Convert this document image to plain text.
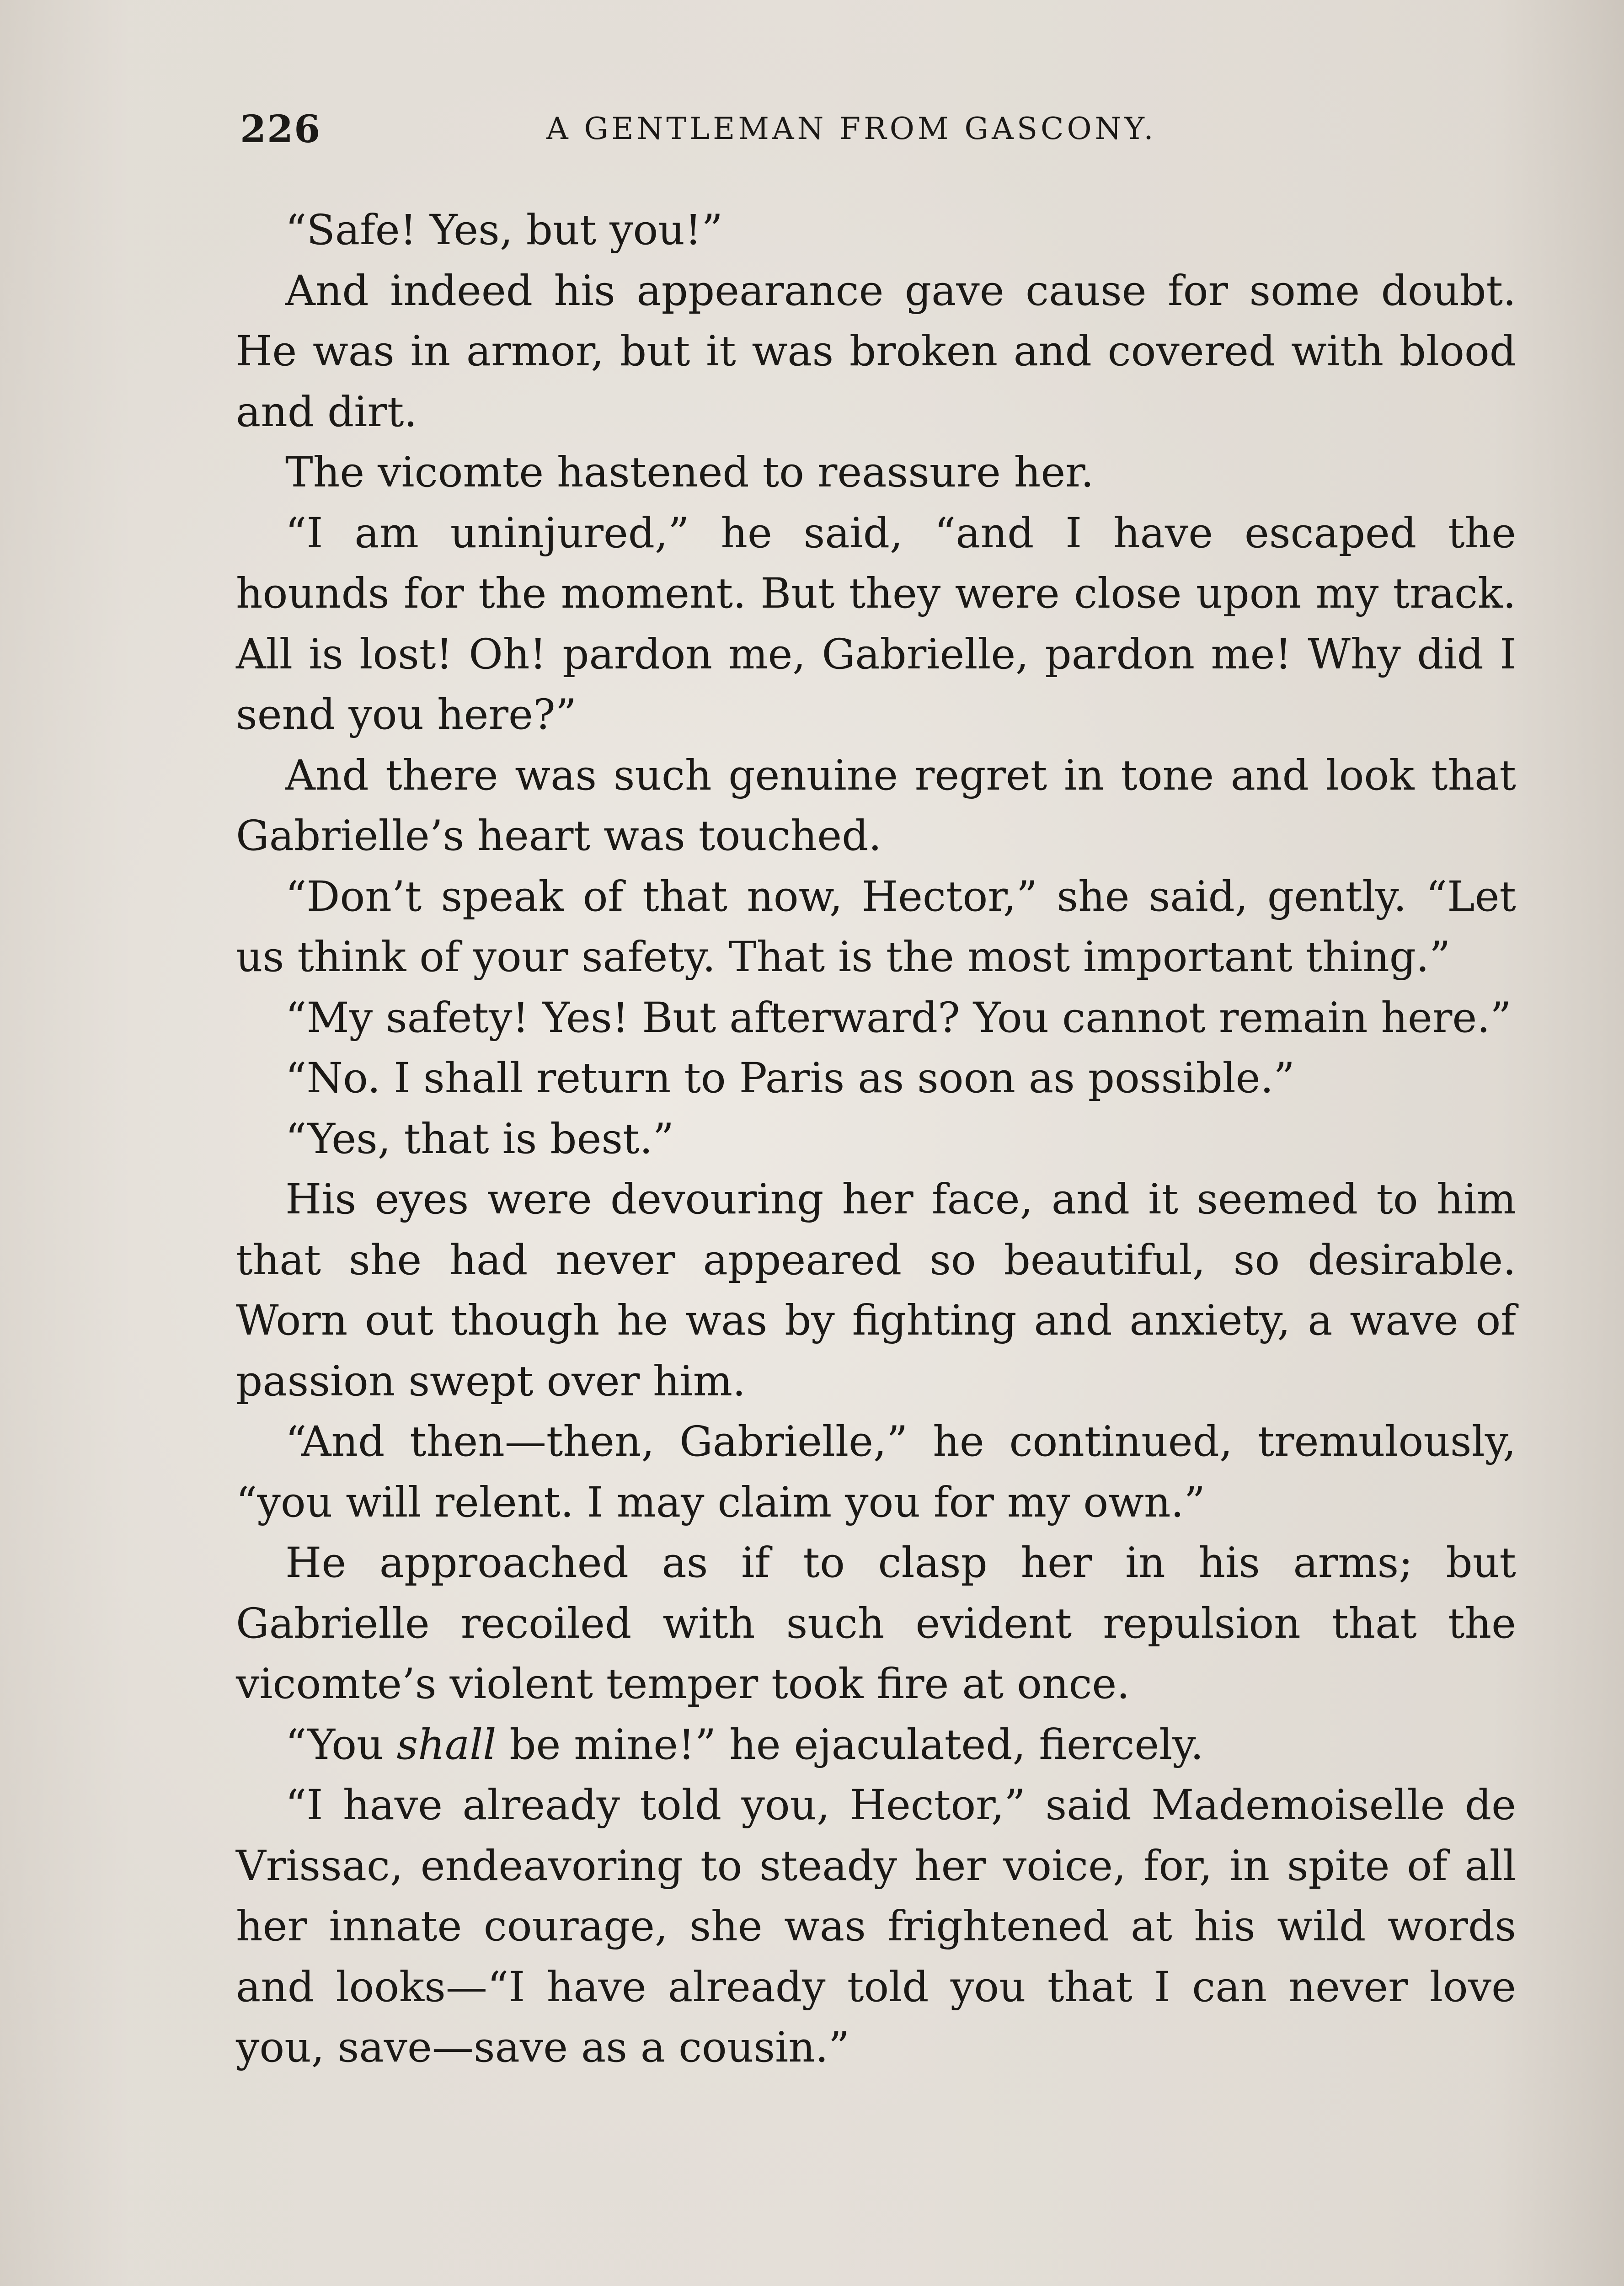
226	A GENTLEMAN FROM GASCONY.

“Safe! Yes, but you!”

And indeed his appearance gave cause for some doubt. He was in armor, but it was broken and covered with blood and dirt.

The vicomte hastened to reassure her.

“I am uninjured,” he said, “and I have escaped the hounds for the moment. But they were close upon my track. All is lost! Oh! pardon me, Gabrielle, pardon me! Why did I send you here?”

And there was such genuine regret in tone and look that Gabrielle’s heart was touched.

“Don’t speak of that now, Hector,” she said, gently. “Let us think of your safety. That is the most important thing.”

“My safety! Yes! But afterward? You cannot remain here.”

“No. I shall return to Paris as soon as possible.”

“Yes, that is best.”

His eyes were devouring her face, and it seemed to him that she had never appeared so beautiful, so desirable. Worn out though he was by fighting and anxiety, a wave of passion swept over him.

“And then—then, Gabrielle,” he continued, tremulously, “you will relent. I may claim you for my own.”

He approached as if to clasp her in his arms; but Gabrielle recoiled with such evident repulsion that the vicomte’s violent temper took fire at once.

“You shall be mine!” he ejaculated, fiercely.

“I have already told you, Hector,” said Mademoiselle de Vrissac, endeavoring to steady her voice, for, in spite of all her innate courage, she was frightened at his wild words and looks—“I have already told you that I can never love you, save—save as a cousin.”
